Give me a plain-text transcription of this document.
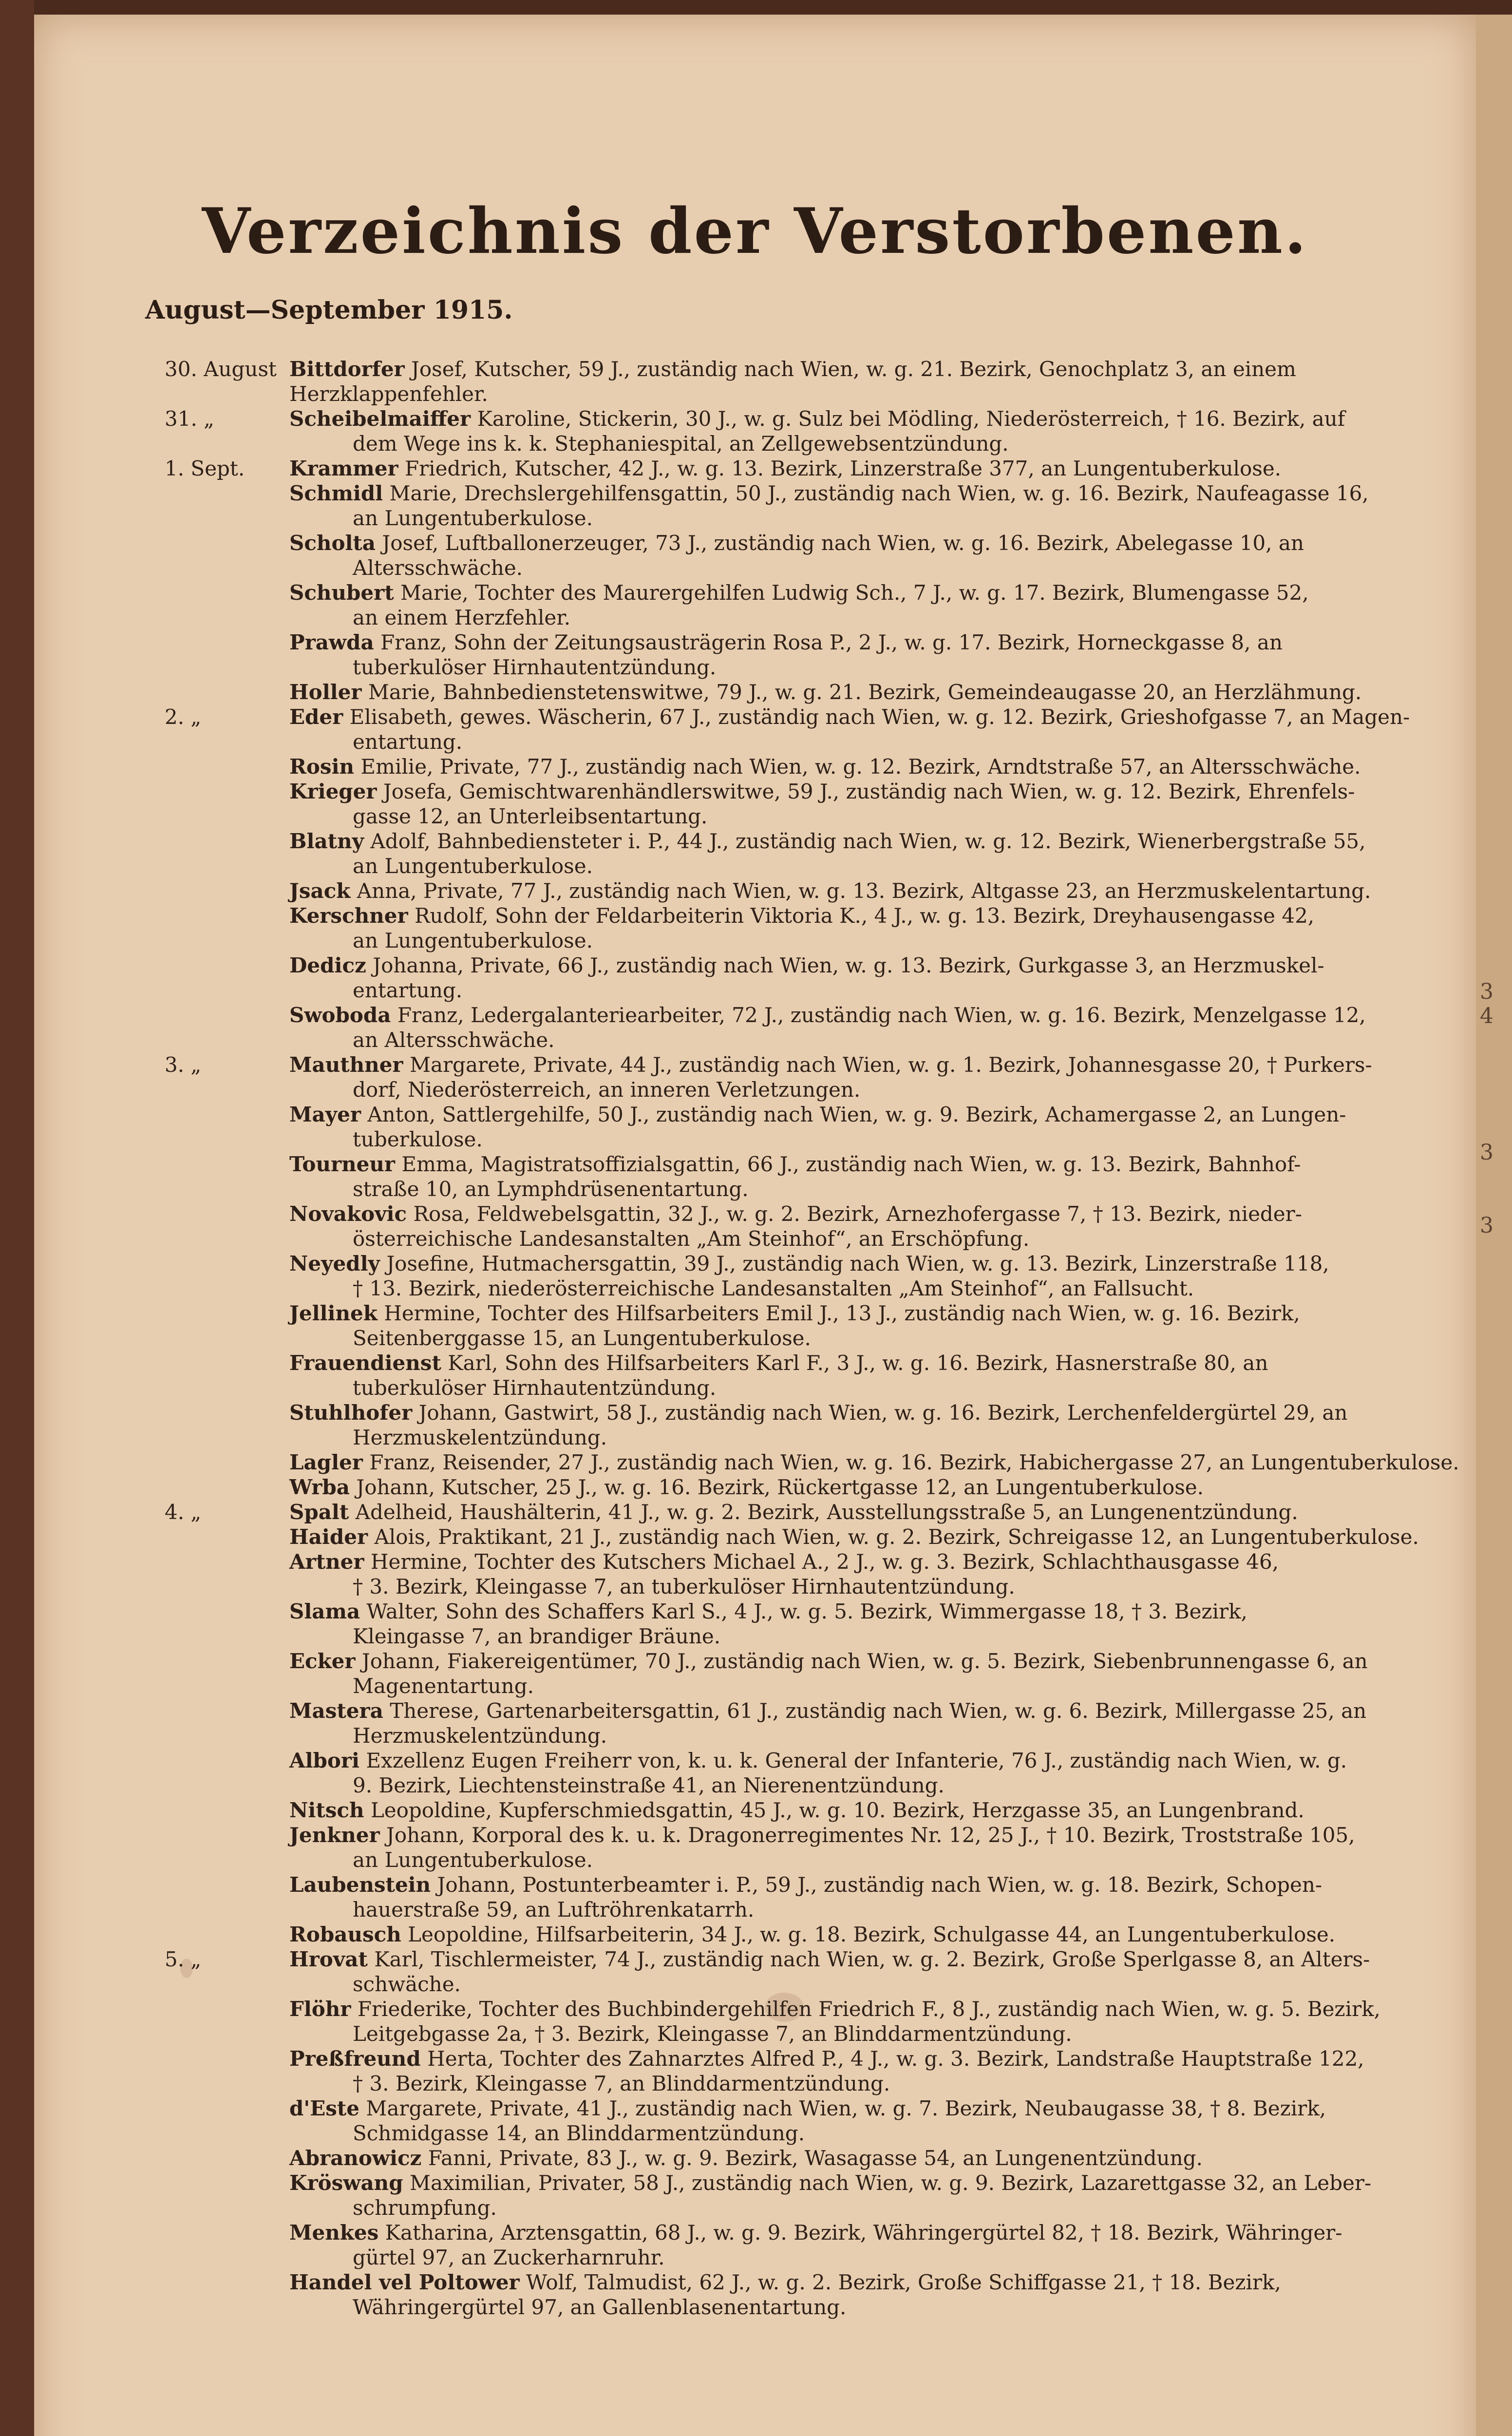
Verzeichnis der Verstorbenen.

August—September 1915.

30. August Bittdorfer Josef, Kutscher, 59 J., zuständig nach Wien, w. g. 21. Bezirk, Genochplatz 3, an einem Herzklappenfehler.
31. „	Scheibelmaiffer Karoline, Stickerin, 30 J., w. g. Sulz bei Mödling, Niederösterreich, † 16. Bezirk, auf
dem Wege ins k. k. Stephaniespital, an Zellgewebsentzündung.
1. Sept.	Krammer Friedrich, Kutscher, 42 J., w. g. 13. Bezirk, Linzerstraße 377, an Lungentuberkulose.
Schmidl Marie, Drechslergehilfensgattin, 50 J., zuständig nach Wien, w. g. 16. Bezirk, Naufeagasse 16,
an Lungentuberkulose.
Scholta Josef, Luftballonerzeuger, 73 J., zuständig nach Wien, w. g. 16. Bezirk, Abelegasse 10, an
Altersschwäche.
Schubert Marie, Tochter des Maurergehilfen Ludwig Sch., 7 J., w. g. 17. Bezirk, Blumengasse 52,
an einem Herzfehler.
Prawda Franz, Sohn der Zeitungsausträgerin Rosa P., 2 J., w. g. 17. Bezirk, Horneckgasse 8, an
tuberkulöser Hirnhautentzündung.
Holler Marie, Bahnbedienstetenswitwe, 79 J., w. g. 21. Bezirk, Gemeindeaugasse 20, an Herzlähmung.
2. „	Eder Elisabeth, gewes. Wäscherin, 67 J., zuständig nach Wien, w. g. 12. Bezirk, Grieshofgasse 7, an Magen-
entartung.
Rosin Emilie, Private, 77 J., zuständig nach Wien, w. g. 12. Bezirk, Arndtstraße 57, an Altersschwäche.
Krieger Josefa, Gemischtwarenhändlerswitwe, 59 J., zuständig nach Wien, w. g. 12. Bezirk, Ehrenfels-
gasse 12, an Unterleibsentartung.
Blatny Adolf, Bahnbediensteter i. P., 44 J., zuständig nach Wien, w. g. 12. Bezirk, Wienerbergstraße 55,
an Lungentuberkulose.
Jsack Anna, Private, 77 J., zuständig nach Wien, w. g. 13. Bezirk, Altgasse 23, an Herzmuskelentartung.
Kerschner Rudolf, Sohn der Feldarbeiterin Viktoria K., 4 J., w. g. 13. Bezirk, Dreyhausengasse 42,
an Lungentuberkulose.
Dedicz Johanna, Private, 66 J., zuständig nach Wien, w. g. 13. Bezirk, Gurkgasse 3, an Herzmuskel-
entartung.
Swoboda Franz, Ledergalanteriearbeiter, 72 J., zuständig nach Wien, w. g. 16. Bezirk, Menzelgasse 12,
an Altersschwäche.
3. „	Mauthner Margarete, Private, 44 J., zuständig nach Wien, w. g. 1. Bezirk, Johannesgasse 20, † Purkers-
dorf, Niederösterreich, an inneren Verletzungen.
Mayer Anton, Sattlergehilfe, 50 J., zuständig nach Wien, w. g. 9. Bezirk, Achamergasse 2, an Lungen-
tuberkulose.
Tourneur Emma, Magistratsoffizialsgattin, 66 J., zuständig nach Wien, w. g. 13. Bezirk, Bahnhof-
straße 10, an Lymphdrüsenentartung.
Novakovic Rosa, Feldwebelsgattin, 32 J., w. g. 2. Bezirk, Arnezhofergasse 7, † 13. Bezirk, nieder-
österreichische Landesanstalten „Am Steinhof“, an Erschöpfung.
Neyedly Josefine, Hutmachersgattin, 39 J., zuständig nach Wien, w. g. 13. Bezirk, Linzerstraße 118,
† 13. Bezirk, niederösterreichische Landesanstalten „Am Steinhof“, an Fallsucht.
Jellinek Hermine, Tochter des Hilfsarbeiters Emil J., 13 J., zuständig nach Wien, w. g. 16. Bezirk,
Seitenberggasse 15, an Lungentuberkulose.
Frauendienst Karl, Sohn des Hilfsarbeiters Karl F., 3 J., w. g. 16. Bezirk, Hasnerstraße 80, an
tuberkulöser Hirnhautentzündung.
Stuhlhofer Johann, Gastwirt, 58 J., zuständig nach Wien, w. g. 16. Bezirk, Lerchenfeldergürtel 29, an
Herzmuskelentzündung.
Lagler Franz, Reisender, 27 J., zuständig nach Wien, w. g. 16. Bezirk, Habichergasse 27, an Lungentuberkulose.
Wrba Johann, Kutscher, 25 J., w. g. 16. Bezirk, Rückertgasse 12, an Lungentuberkulose.
4. „	Spalt Adelheid, Haushälterin, 41 J., w. g. 2. Bezirk, Ausstellungsstraße 5, an Lungenentzündung.
Haider Alois, Praktikant, 21 J., zuständig nach Wien, w. g. 2. Bezirk, Schreigasse 12, an Lungentuberkulose.
Artner Hermine, Tochter des Kutschers Michael A., 2 J., w. g. 3. Bezirk, Schlachthausgasse 46,
† 3. Bezirk, Kleingasse 7, an tuberkulöser Hirnhautentzündung.
Slama Walter, Sohn des Schaffers Karl S., 4 J., w. g. 5. Bezirk, Wimmergasse 18, † 3. Bezirk,
Kleingasse 7, an brandiger Bräune.
Ecker Johann, Fiakereigentümer, 70 J., zuständig nach Wien, w. g. 5. Bezirk, Siebenbrunnengasse 6, an
Magenentartung.
Mastera Therese, Gartenarbeitersgattin, 61 J., zuständig nach Wien, w. g. 6. Bezirk, Millergasse 25, an
Herzmuskelentzündung.
Albori Exzellenz Eugen Freiherr von, k. u. k. General der Infanterie, 76 J., zuständig nach Wien, w. g.
9. Bezirk, Liechtensteinstraße 41, an Nierenentzündung.
Nitsch Leopoldine, Kupferschmiedsgattin, 45 J., w. g. 10. Bezirk, Herzgasse 35, an Lungenbrand.
Jenkner Johann, Korporal des k. u. k. Dragonerregimentes Nr. 12, 25 J., † 10. Bezirk, Troststraße 105,
an Lungentuberkulose.
Laubenstein Johann, Postunterbeamter i. P., 59 J., zuständig nach Wien, w. g. 18. Bezirk, Schopen-
hauerstraße 59, an Luftröhrenkatarrh.
Robausch Leopoldine, Hilfsarbeiterin, 34 J., w. g. 18. Bezirk, Schulgasse 44, an Lungentuberkulose.
5. „	Hrovat Karl, Tischlermeister, 74 J., zuständig nach Wien, w. g. 2. Bezirk, Große Sperlgasse 8, an Alters-
schwäche.
Flöhr Friederike, Tochter des Buchbindergehilfen Friedrich F., 8 J., zuständig nach Wien, w. g. 5. Bezirk,
Leitgebgasse 2a, † 3. Bezirk, Kleingasse 7, an Blinddarmentzündung.
Preßfreund Herta, Tochter des Zahnarztes Alfred P., 4 J., w. g. 3. Bezirk, Landstraße Hauptstraße 122,
† 3. Bezirk, Kleingasse 7, an Blinddarmentzündung.
d'Este Margarete, Private, 41 J., zuständig nach Wien, w. g. 7. Bezirk, Neubaugasse 38, † 8. Bezirk,
Schmidgasse 14, an Blinddarmentzündung.
Abranowicz Fanni, Private, 83 J., w. g. 9. Bezirk, Wasagasse 54, an Lungenentzündung.
Kröswang Maximilian, Privater, 58 J., zuständig nach Wien, w. g. 9. Bezirk, Lazarettgasse 32, an Leber-
schrumpfung.
Menkes Katharina, Arztensgattin, 68 J., w. g. 9. Bezirk, Währingergürtel 82, † 18. Bezirk, Währinger-
gürtel 97, an Zuckerharnruhr.
Handel vel Poltower Wolf, Talmudist, 62 J., w. g. 2. Bezirk, Große Schiffgasse 21, † 18. Bezirk,
Währingergürtel 97, an Gallenblasenentartung.
3
4
3
3
